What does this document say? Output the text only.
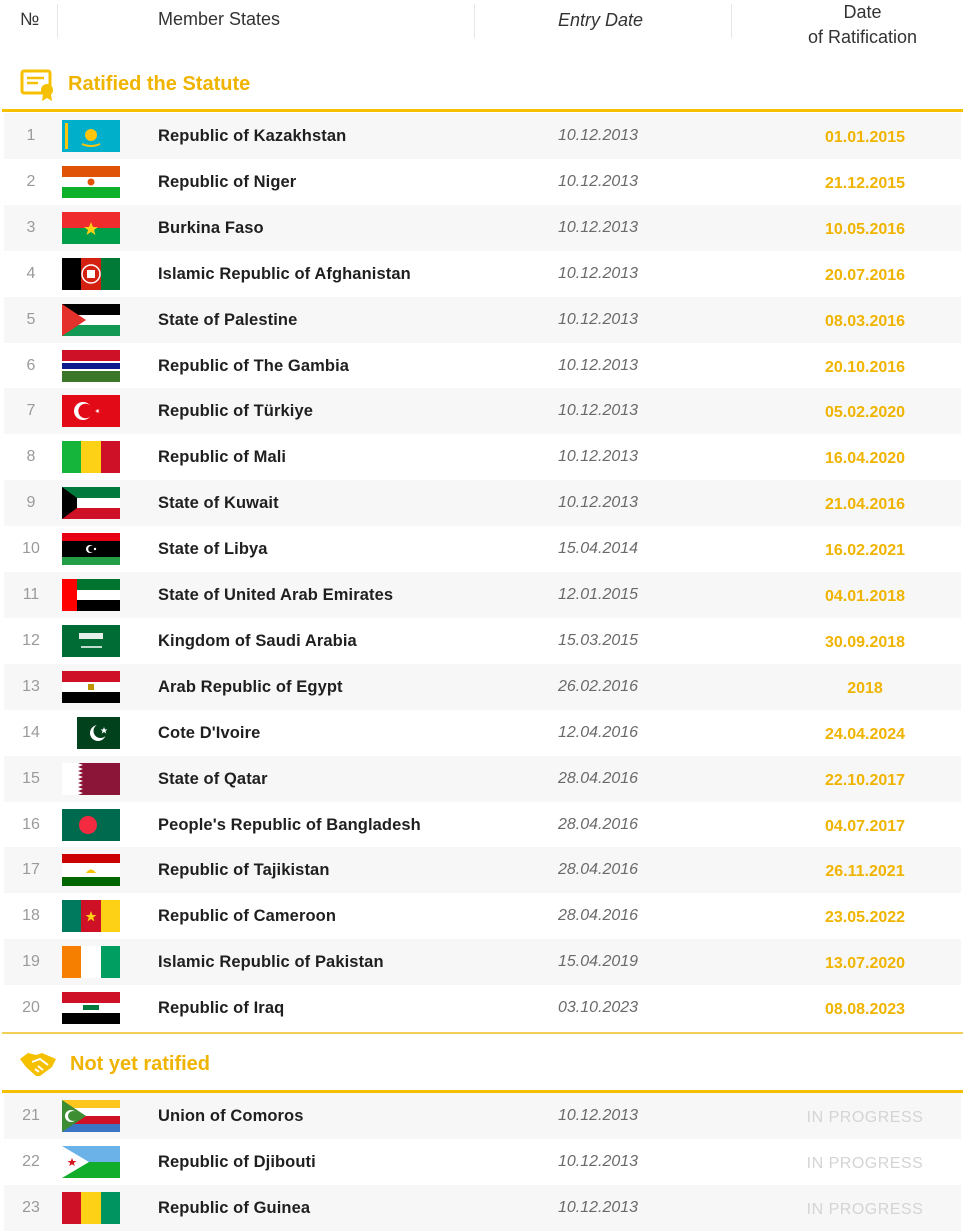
№	Member States	Entry Date	Date
of Ratification
Ratified the Statute
1	Republic of Kazakhstan	10.12.2013	01.01.2015
2	Republic of Niger	10.12.2013	21.12.2015
3	Burkina Faso	10.12.2013	10.05.2016
4	Islamic Republic of Afghanistan	10.12.2013	20.07.2016
5	State of Palestine	10.12.2013	08.03.2016
6	Republic of The Gambia	10.12.2013	20.10.2016
7	Republic of Türkiye	10.12.2013	05.02.2020
8	Republic of Mali	10.12.2013	16.04.2020
9	State of Kuwait	10.12.2013	21.04.2016
10	State of Libya	15.04.2014	16.02.2021
11	State of United Arab Emirates	12.01.2015	04.01.2018
12	Kingdom of Saudi Arabia	15.03.2015	30.09.2018
13	Arab Republic of Egypt	26.02.2016	2018
14	Cote D'Ivoire	12.04.2016	24.04.2024
15	State of Qatar	28.04.2016	22.10.2017
16	People's Republic of Bangladesh	28.04.2016	04.07.2017
17	Republic of Tajikistan	28.04.2016	26.11.2021
18	Republic of Cameroon	28.04.2016	23.05.2022
19	Islamic Republic of Pakistan	15.04.2019	13.07.2020
20	Republic of Iraq	03.10.2023	08.08.2023
Not yet ratified
21	Union of Comoros	10.12.2013	IN PROGRESS
22	Republic of Djibouti	10.12.2013	IN PROGRESS
23	Republic of Guinea	10.12.2013	IN PROGRESS
